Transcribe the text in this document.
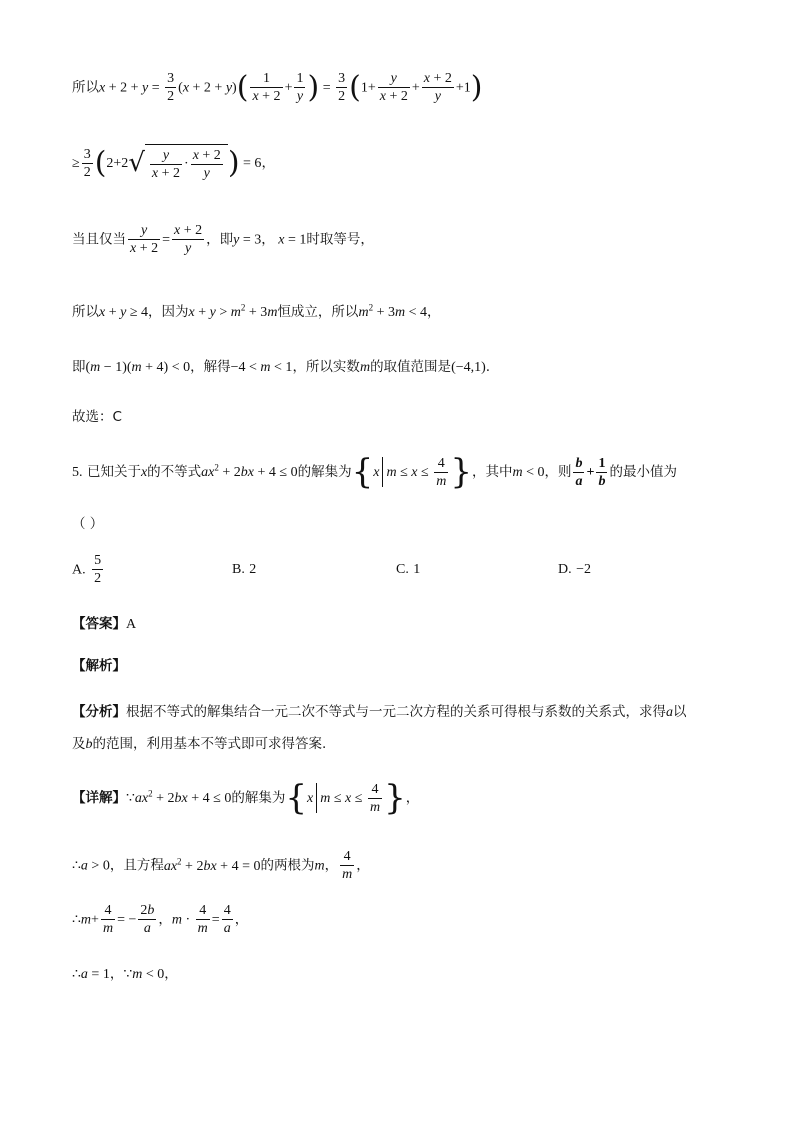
所以$x + 2 + y = \frac{3}{2} (x + 2 + y)( \frac{1}{x + 2} + \frac{1}{y}$ ) = $\frac{3}{2} (1+ \frac{y}{x + 2} + \frac{x + 2}{y} +1)$
≥ $\frac{3}{2} (2+2√ \frac{y}{x + 2} \cdot \frac{x + 2}{y}$ ) = 6，
当且仅当 $\frac{y}{x + 2} = \frac{x + 2}{y}$ ，即y = 3， x = 1时取等号，
所以x + y ≥ 4，因为$x + y > m^2 + 3m$恒成立，所以$m^2 + 3m < 4$，
即(m − 1)(m + 4) < 0，解得−4 < m < 1，所以实数m的取值范围是(−4,1).
故选：C
5. 已知关于x的不等式$ax^2 + 2bx + 4 \le 0$的解集为{x $m \le x \le \frac{4}{m}$ }，其中m < 0，则 $\frac{b}{a} + \frac{1}{b}$ 的最小值为
（ ）
A. $\frac{5}{2}$	B. 2	C. 1	D. −2
【答案】A
【解析】
【分析】根据不等式的解集结合一元二次不等式与一元二次方程的关系可得根与系数的关系式，求得a以
及b的范围，利用基本不等式即可求得答案.
【详解】$\because ax^2 + 2bx + 4 \le 0$的解集为{x $m \le x \le \frac{4}{m}$ }，
∴a > 0，且方程$ax^2 + 2bx + 4 = 0$的两根为m， $\frac{4}{m}$ ，
∴m+ $\frac{4}{m}$ = − $\frac{2b}{a}$ ，$m \cdot \frac{4}{m} = \frac{4}{a}$ ，
∴a = 1，∵m < 0，
